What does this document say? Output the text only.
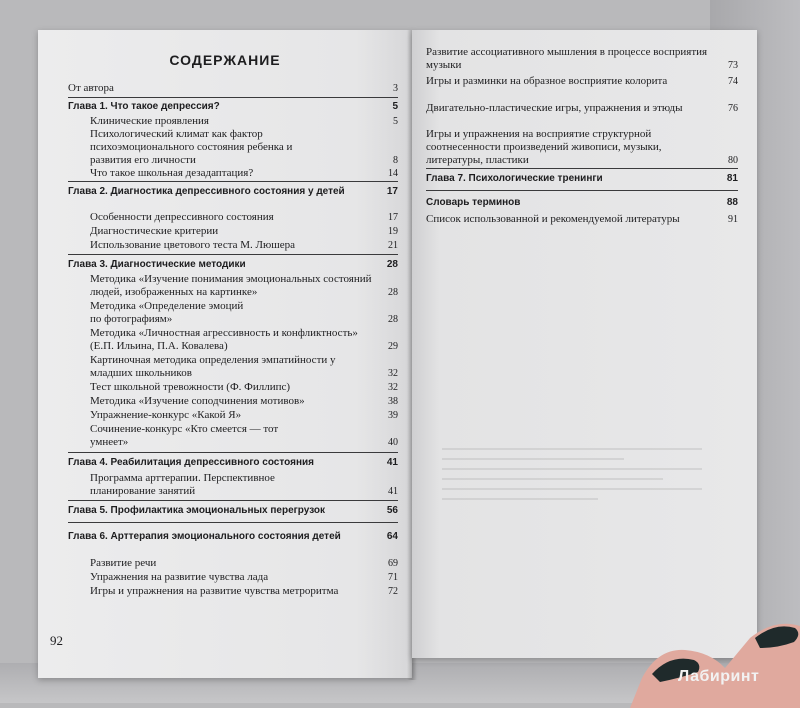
СОДЕРЖАНИЕ
От автора	3
Глава 1. Что такое депрессия?	5
Клинические проявления	5
Психологический климат как фактор психоэмоционального состояния ребенка и развития его личности	8
Что такое школьная дезадаптация?	14
Глава 2. Диагностика депрессивного состояния у детей	17
Особенности депрессивного состояния	17
Диагностические критерии	19
Использование цветового теста М. Люшера	21
Глава 3. Диагностические методики	28
Методика «Изучение понимания эмоциональных состояний людей, изображенных на картинке»	28
Методика «Определение эмоций по фотографиям»	28
Методика «Личностная агрессивность и конфликтность» (Е.П. Ильина, П.А. Ковалева)	29
Картиночная методика определения эмпатийности у младших школьников	32
Тест школьной тревожности (Ф. Филлипс)	32
Методика «Изучение соподчинения мотивов»	38
Упражнение-конкурс «Какой Я»	39
Сочинение-конкурс «Кто смеется — тот умнеет»	40
Глава 4. Реабилитация депрессивного состояния	41
Программа арттерапии. Перспективное планирование занятий	41
Глава 5. Профилактика эмоциональных перегрузок	56
Глава 6. Арттерапия эмоционального состояния детей	64
Развитие речи	69
Упражнения на развитие чувства лада	71
Игры и упражнения на развитие чувства метроритма	72
92
Развитие ассоциативного мышления в процессе восприятия музыки	73
Игры и разминки на образное восприятие колорита	74
Двигательно-пластические игры, упражнения и этюды	76
Игры и упражнения на восприятие структурной соотнесенности произведений живописи, музыки, литературы, пластики	80
Глава 7. Психологические тренинги	81
Словарь терминов	88
Список использованной и рекомендуемой литературы	91
Лабиринт
